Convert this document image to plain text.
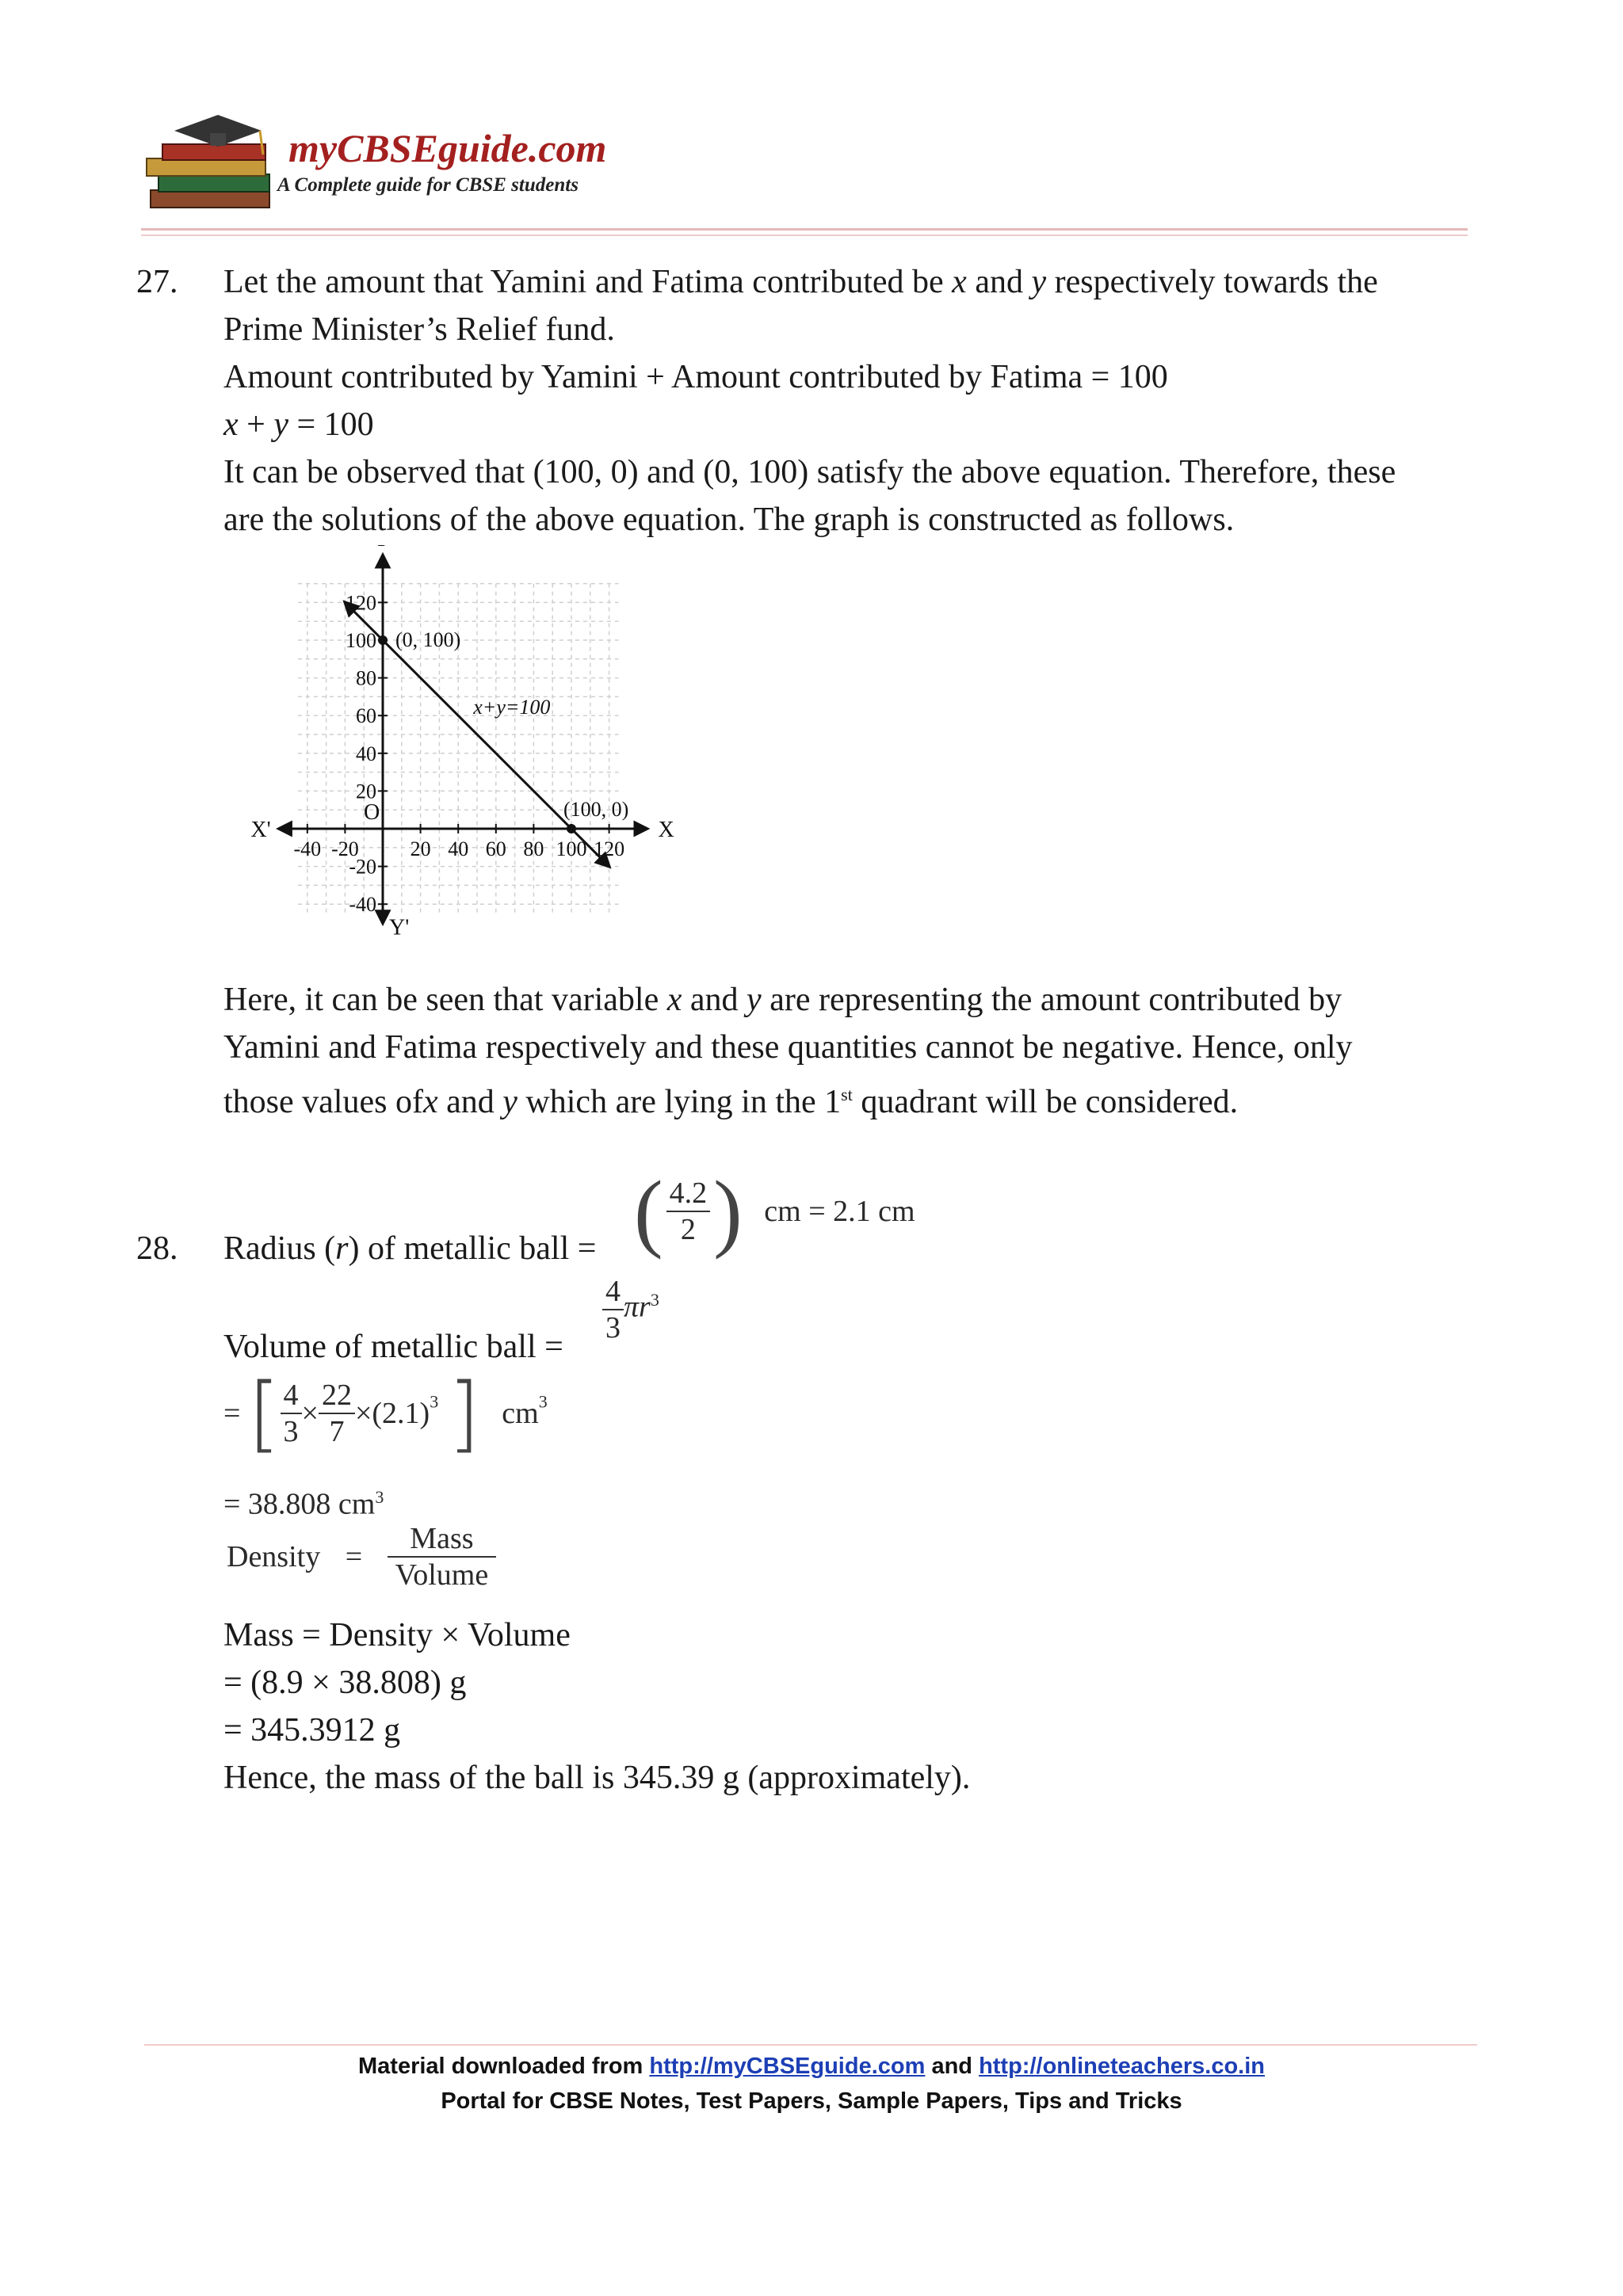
myCBSEguide.com
A Complete guide for CBSE students
27. Let the amount that Yamini and Fatima contributed be x and y respectively towards the
Prime Minister’s Relief fund.
Amount contributed by Yamini + Amount contributed by Fatima = 100
x + y = 100
It can be observed that (100, 0) and (0, 100) satisfy the above equation. Therefore, these
are the solutions of the above equation. The graph is constructed as follows.
X
X'
Y'
O
-40 -20 20 40 60 80 100 120
120
100
80
60
40
20
-20
-40
x+y=100
(0, 100)
(100, 0)
Here, it can be seen that variable x and y are representing the amount contributed by
Yamini and Fatima respectively and these quantities cannot be negative. Hence, only
those values ofx and y which are lying in the 1st quadrant will be considered.
28. Radius (r) of metallic ball = ( $\frac{4.2}{2}$ ) cm = 2.1 cm
Volume of metallic ball =
$\frac{4}{3} \pi r^3$
= [ $\frac{4}{3} \times \frac{22}{7} \times(2.1)^3$ ] $cm^3$
= 38.808 $cm^3$
Density = $\frac{\text{Mass}}{\text{Volume}}$
Mass = Density × Volume
= (8.9 × 38.808) g
= 345.3912 g
Hence, the mass of the ball is 345.39 g (approximately).
Material downloaded from http://myCBSEguide.com and http://onlineteachers.co.in
Portal for CBSE Notes, Test Papers, Sample Papers, Tips and Tricks
